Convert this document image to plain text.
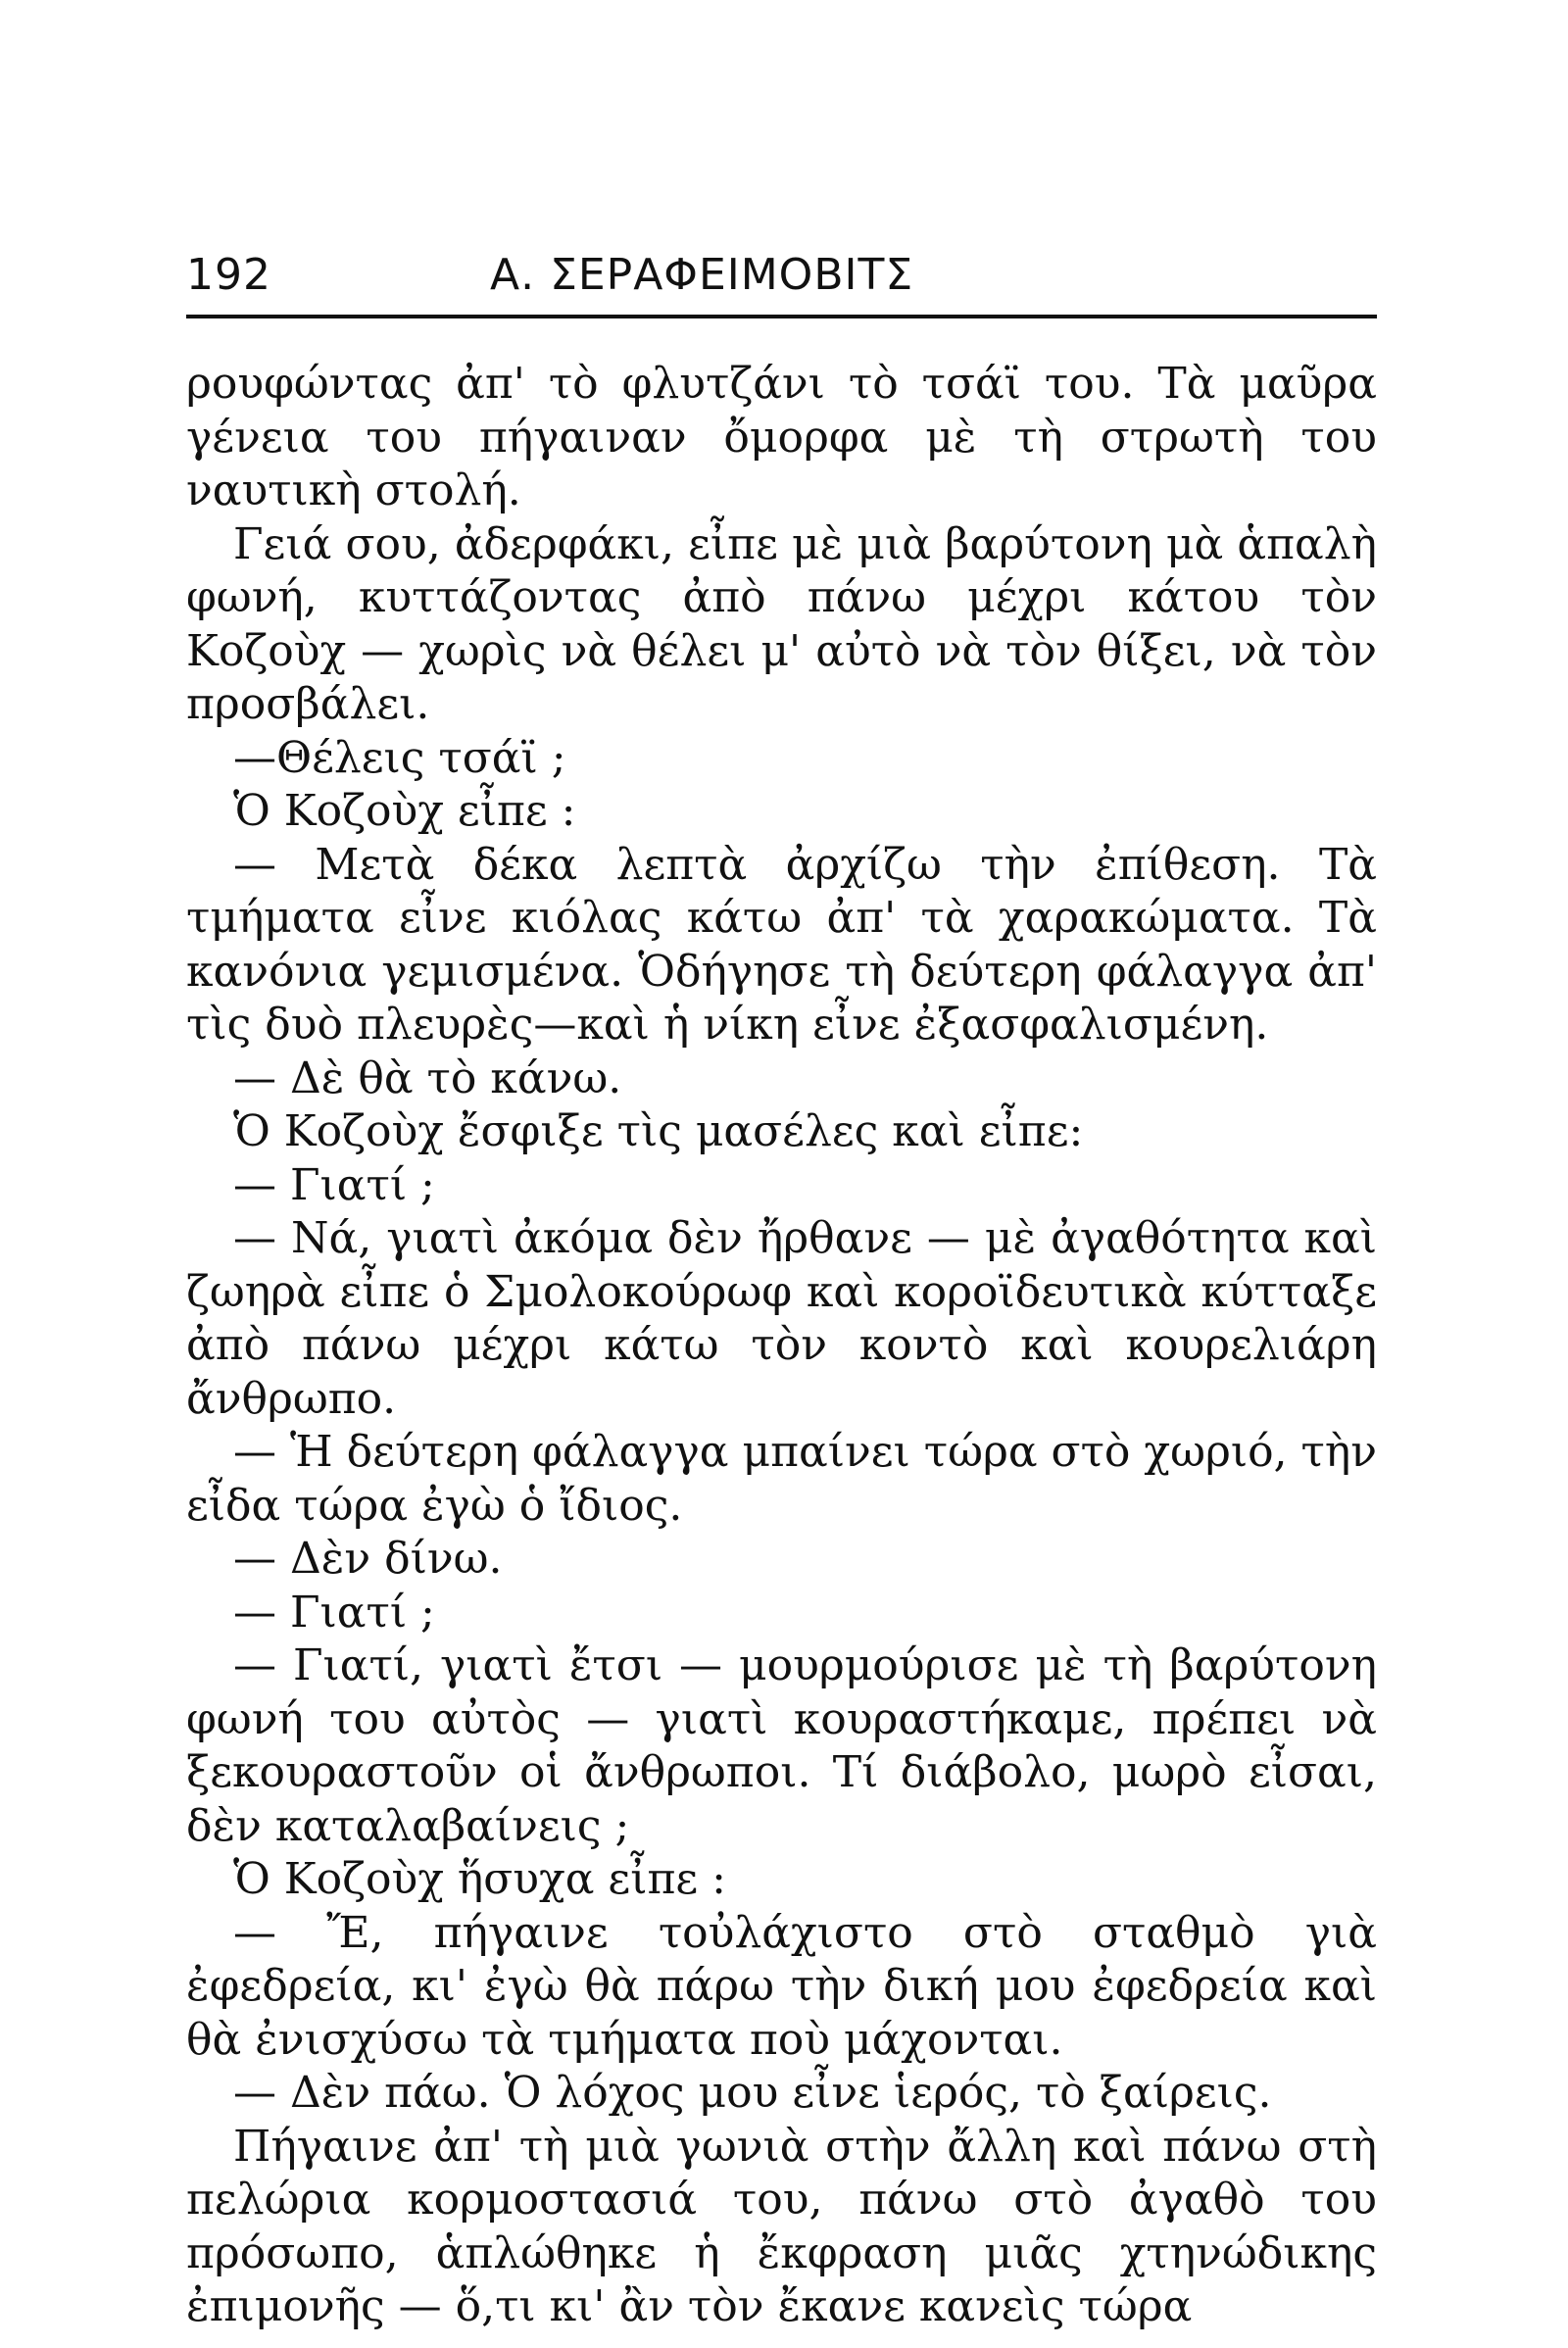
192	Α. ΣΕΡΑΦΕΙΜΟΒΙΤΣ

ρουφώντας ἀπ' τὸ φλυτζάνι τὸ τσάϊ του. Τὰ μαῦρα γένεια του πήγαιναν ὄμορφα μὲ τὴ στρωτὴ του ναυτικὴ στολή.

Γειά σου, ἀδερφάκι, εἶπε μὲ μιὰ βαρύτονη μὰ ἁπαλὴ φωνή, κυττάζοντας ἀπὸ πάνω μέχρι κάτου τὸν Κοζοὺχ — χωρὶς νὰ θέλει μ' αὐτὸ νὰ τὸν θίξει, νὰ τὸν προσβάλει.

—Θέλεις τσάϊ ;

Ὁ Κοζοὺχ εἶπε :

— Μετὰ δέκα λεπτὰ ἀρχίζω τὴν ἐπίθεση. Τὰ τμήματα εἶνε κιόλας κάτω ἀπ' τὰ χαρακώματα. Τὰ κανόνια γεμισμένα. Ὁδήγησε τὴ δεύτερη φάλαγγα ἀπ' τὶς δυὸ πλευρὲς—καὶ ἡ νίκη εἶνε ἐξασφαλισμένη.

— Δὲ θὰ τὸ κάνω.

Ὁ Κοζοὺχ ἔσφιξε τὶς μασέλες καὶ εἶπε:

— Γιατί ;

— Νά, γιατὶ ἀκόμα δὲν ἤρθανε — μὲ ἀγαθότητα καὶ ζωηρὰ εἶπε ὁ Σμολοκούρωφ καὶ κοροϊδευτικὰ κύτταξε ἀπὸ πάνω μέχρι κάτω τὸν κοντὸ καὶ κουρελιάρη ἄνθρωπο.

— Ἡ δεύτερη φάλαγγα μπαίνει τώρα στὸ χωριό, τὴν εἶδα τώρα ἐγὼ ὁ ἴδιος.

— Δὲν δίνω.

— Γιατί ;

— Γιατί, γιατὶ ἔτσι — μουρμούρισε μὲ τὴ βαρύτονη φωνή του αὐτὸς — γιατὶ κουραστήκαμε, πρέπει νὰ ξεκουραστοῦν οἱ ἄνθρωποι. Τί διάβολο, μωρὸ εἶσαι, δὲν καταλαβαίνεις ;

Ὁ Κοζοὺχ ἥσυχα εἶπε :

— Ἔ, πήγαινε τοὐλάχιστο στὸ σταθμὸ γιὰ ἐφεδρεία, κι' ἐγὼ θὰ πάρω τὴν δική μου ἐφεδρεία καὶ θὰ ἐνισχύσω τὰ τμήματα ποὺ μάχονται.

— Δὲν πάω. Ὁ λόχος μου εἶνε ἱερός, τὸ ξαίρεις.

Πήγαινε ἀπ' τὴ μιὰ γωνιὰ στὴν ἄλλη καὶ πάνω στὴ πελώρια κορμοστασιά του, πάνω στὸ ἀγαθὸ του πρόσωπο, ἁπλώθηκε ἡ ἔκφραση μιᾶς χτηνώδικης ἐπιμονῆς — ὅ,τι κι' ἂν τὸν ἔκανε κανεὶς τώρα
